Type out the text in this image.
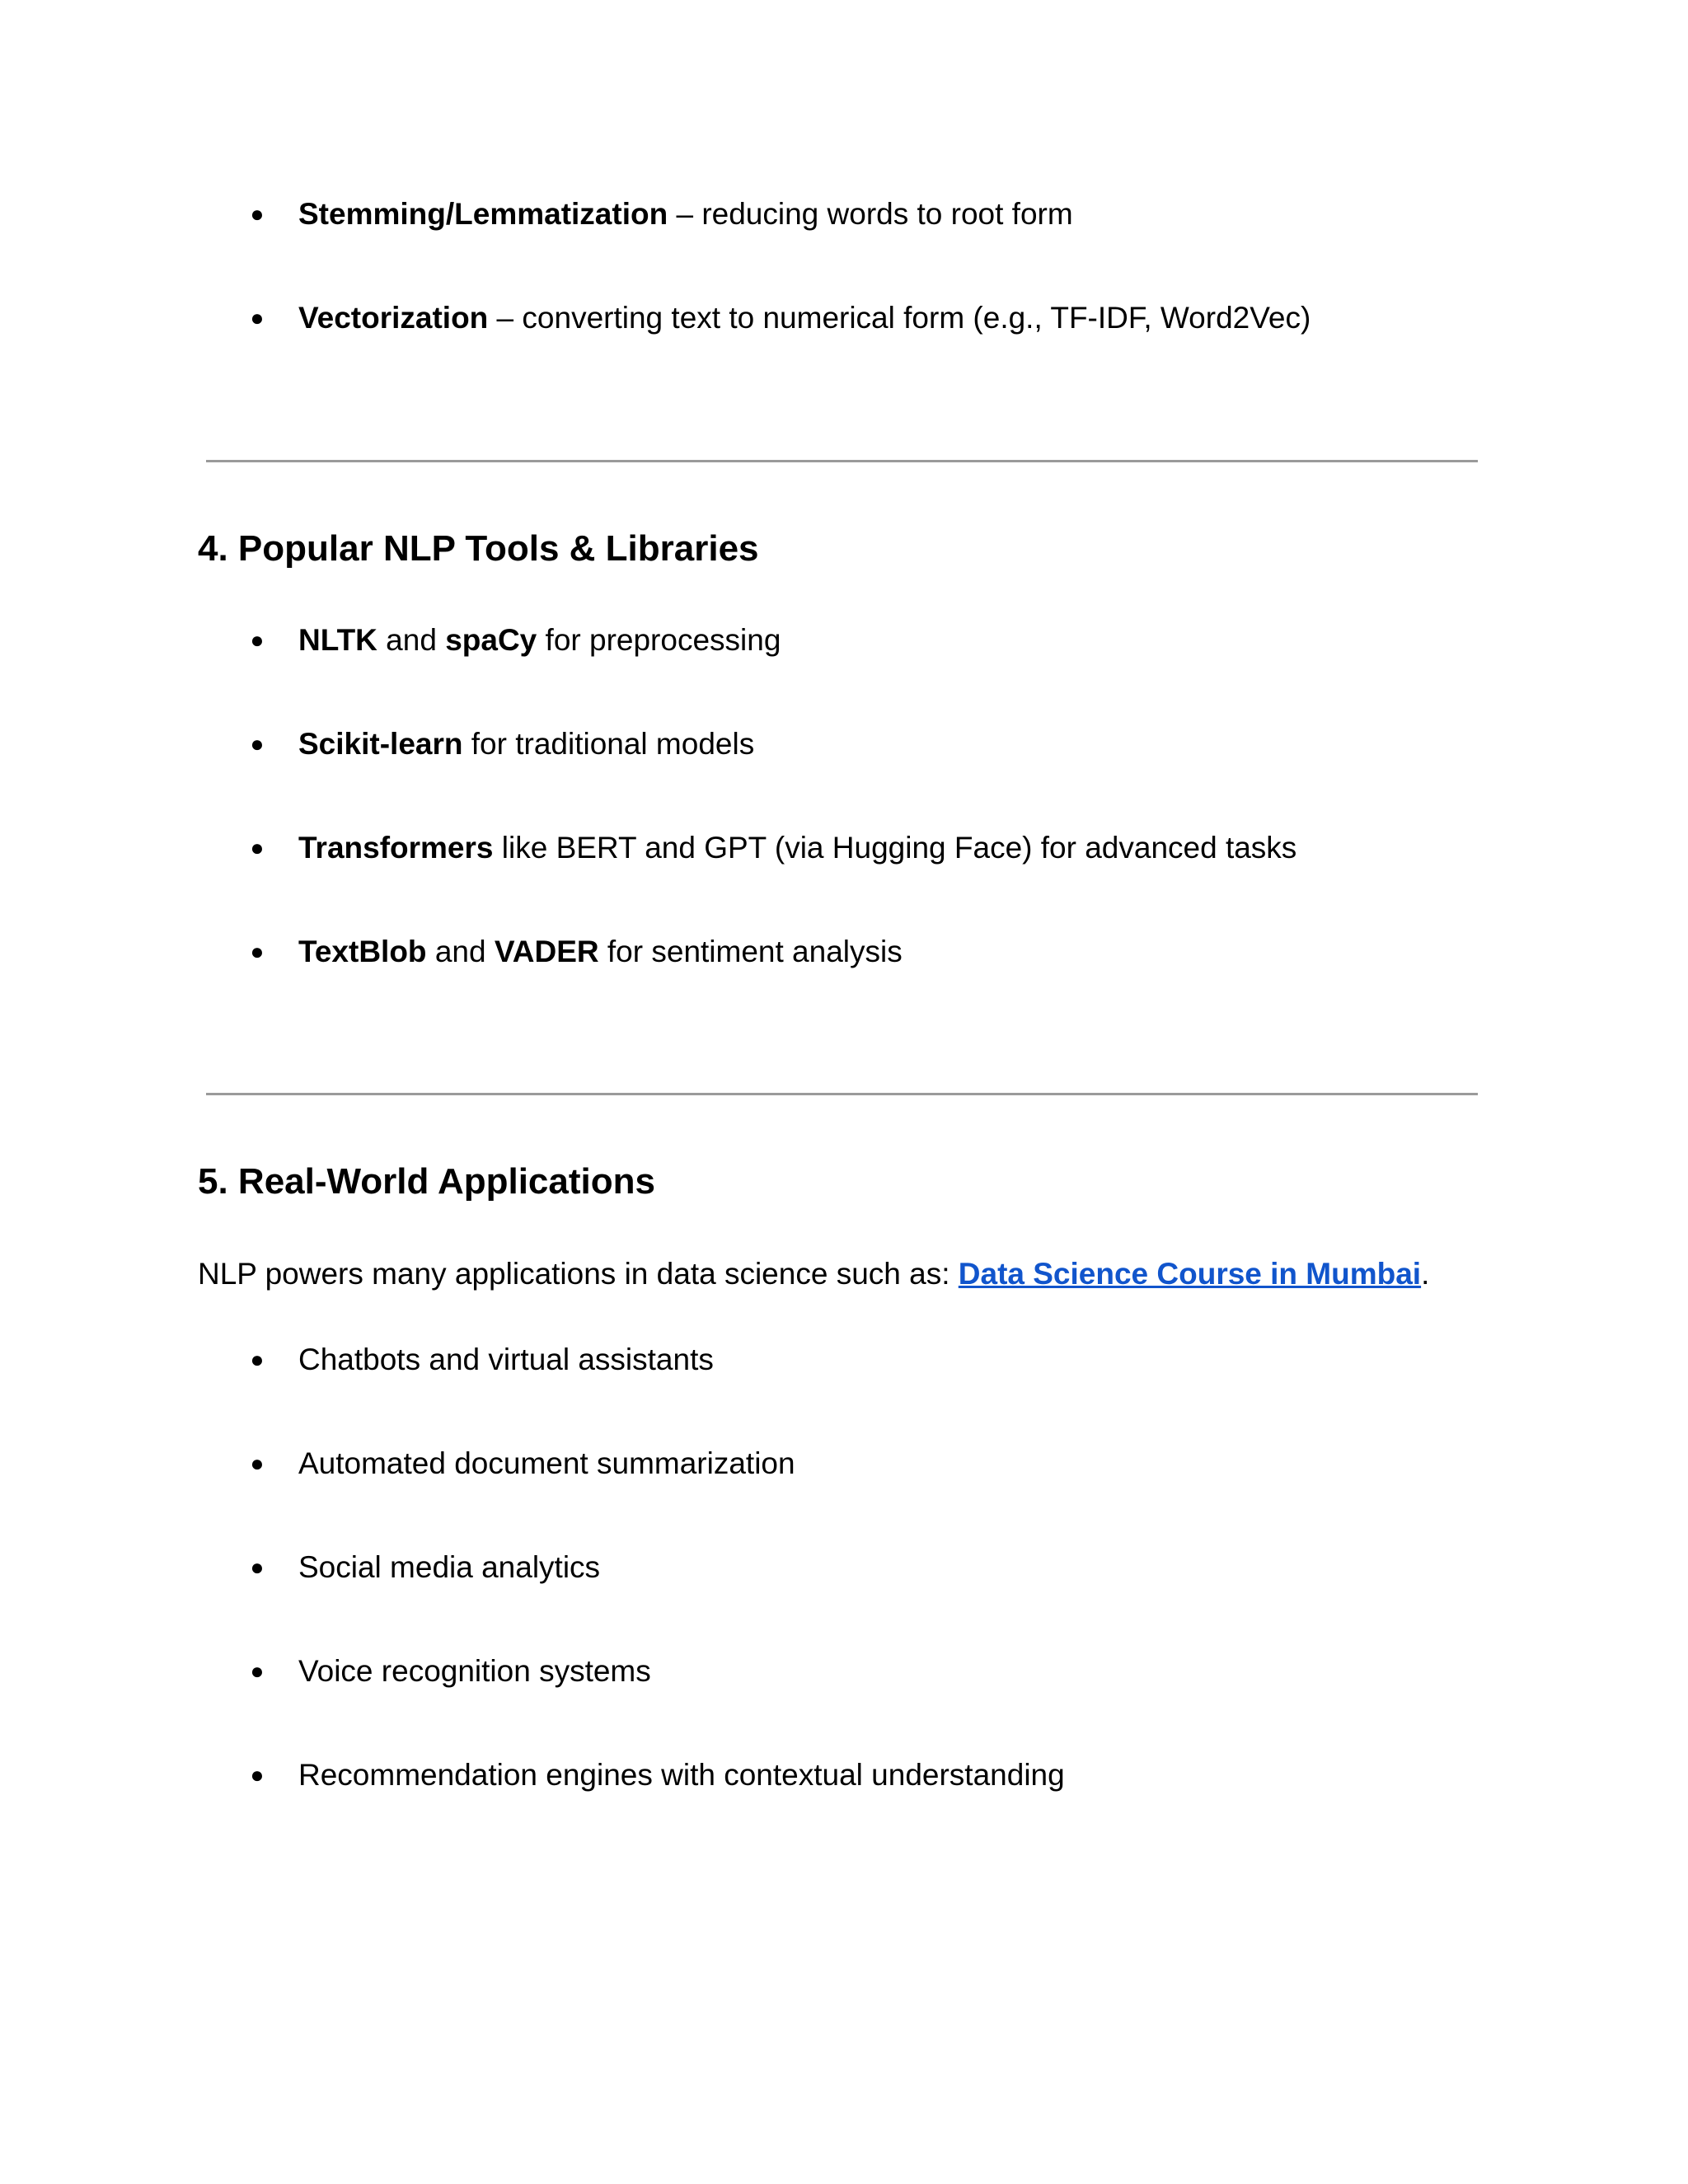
● Stemming/Lemmatization – reducing words to root form
● Vectorization – converting text to numerical form (e.g., TF-IDF, Word2Vec)
4. Popular NLP Tools & Libraries
● NLTK and spaCy for preprocessing
● Scikit-learn for traditional models
● Transformers like BERT and GPT (via Hugging Face) for advanced tasks
● TextBlob and VADER for sentiment analysis
5. Real-World Applications
NLP powers many applications in data science such as: Data Science Course in Mumbai.
● Chatbots and virtual assistants
● Automated document summarization
● Social media analytics
● Voice recognition systems
● Recommendation engines with contextual understanding
